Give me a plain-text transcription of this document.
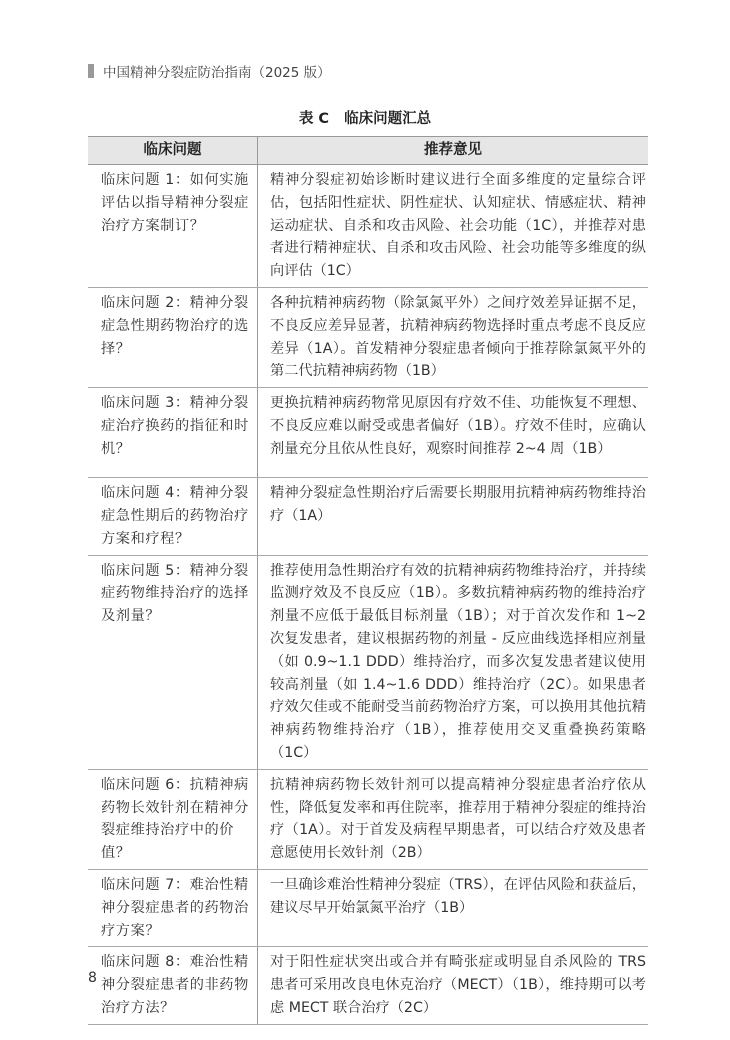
中国精神分裂症防治指南（2025 版）
表 C 临床问题汇总
临床问题	推荐意见
临床问题 1：如何实施评估以指导精神分裂症治疗方案制订？	精神分裂症初始诊断时建议进行全面多维度的定量综合评估，包括阳性症状、阴性症状、认知症状、情感症状、精神运动症状、自杀和攻击风险、社会功能（1C），并推荐对患者进行精神症状、自杀和攻击风险、社会功能等多维度的纵向评估（1C）
临床问题 2：精神分裂症急性期药物治疗的选择？	各种抗精神病药物（除氯氮平外）之间疗效差异证据不足，不良反应差异显著，抗精神病药物选择时重点考虑不良反应差异（1A）。首发精神分裂症患者倾向于推荐除氯氮平外的第二代抗精神病药物（1B）
临床问题 3：精神分裂症治疗换药的指征和时机？	更换抗精神病药物常见原因有疗效不佳、功能恢复不理想、不良反应难以耐受或患者偏好（1B）。疗效不佳时，应确认剂量充分且依从性良好，观察时间推荐 2~4 周（1B）
临床问题 4：精神分裂症急性期后的药物治疗方案和疗程？	精神分裂症急性期治疗后需要长期服用抗精神病药物维持治疗（1A）
临床问题 5：精神分裂症药物维持治疗的选择及剂量？	推荐使用急性期治疗有效的抗精神病药物维持治疗，并持续监测疗效及不良反应（1B）。多数抗精神病药物的维持治疗剂量不应低于最低目标剂量（1B）；对于首次发作和 1~2 次复发患者，建议根据药物的剂量 - 反应曲线选择相应剂量（如 0.9~1.1 DDD）维持治疗，而多次复发患者建议使用较高剂量（如 1.4~1.6 DDD）维持治疗（2C）。如果患者疗效欠佳或不能耐受当前药物治疗方案，可以换用其他抗精神病药物维持治疗（1B），推荐使用交叉重叠换药策略（1C）
临床问题 6：抗精神病药物长效针剂在精神分裂症维持治疗中的价值？	抗精神病药物长效针剂可以提高精神分裂症患者治疗依从性，降低复发率和再住院率，推荐用于精神分裂症的维持治疗（1A）。对于首发及病程早期患者，可以结合疗效及患者意愿使用长效针剂（2B）
临床问题 7：难治性精神分裂症患者的药物治疗方案？	一旦确诊难治性精神分裂症（TRS），在评估风险和获益后，建议尽早开始氯氮平治疗（1B）
临床问题 8：难治性精神分裂症患者的非药物治疗方法？	对于阳性症状突出或合并有畸张症或明显自杀风险的 TRS 患者可采用改良电休克治疗（MECT）（1B），维持期可以考虑 MECT 联合治疗（2C）
8
